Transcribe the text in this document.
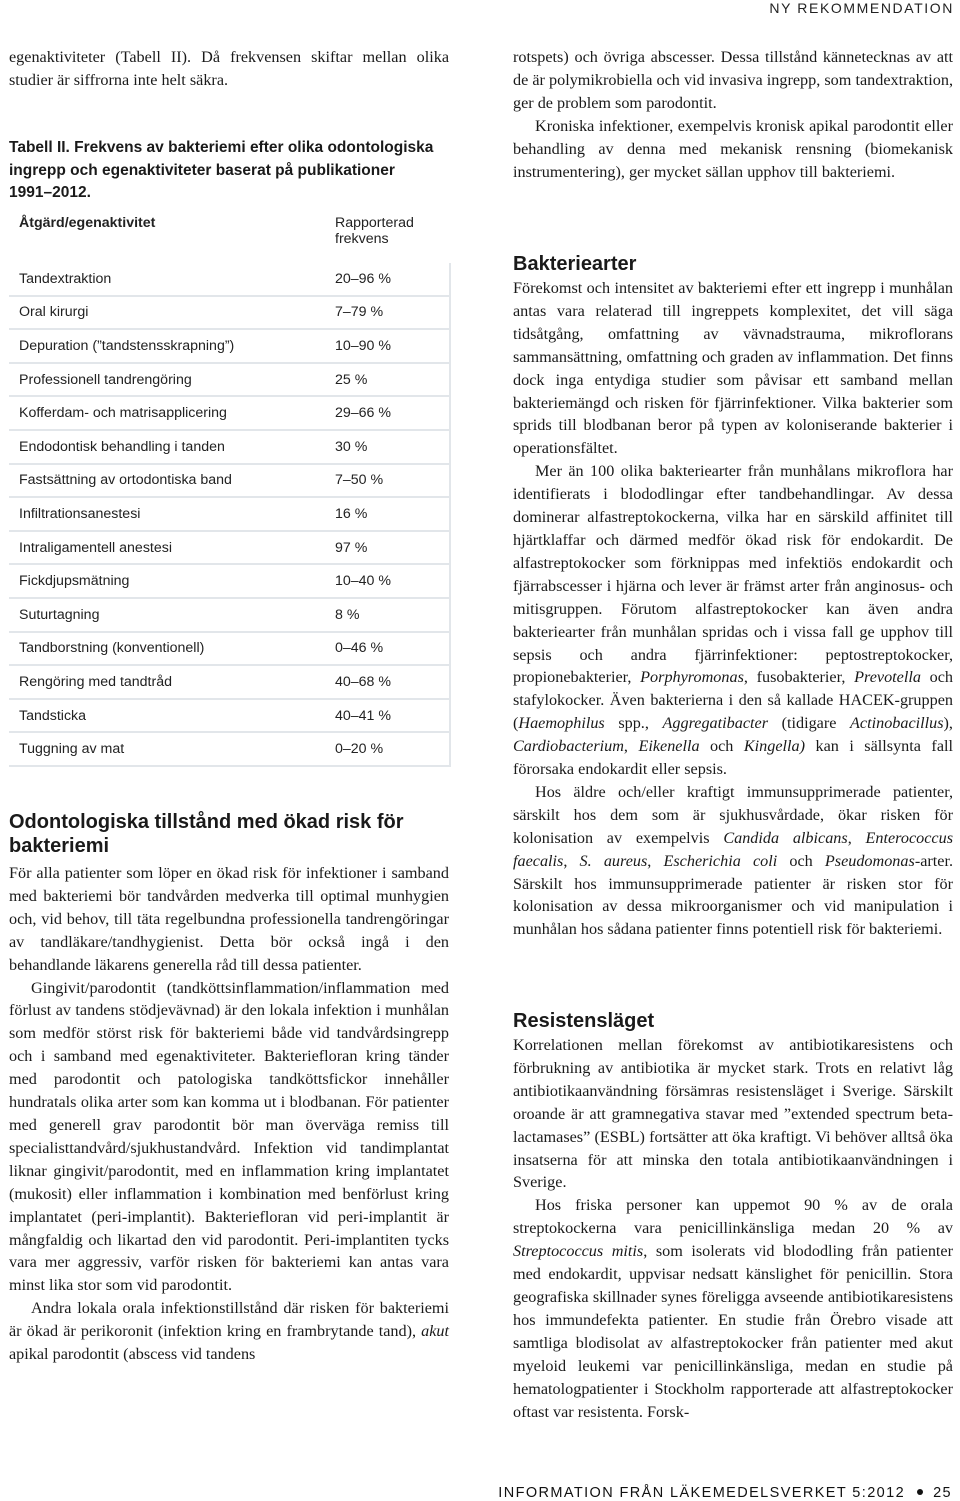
NY REKOMMENDATION

egenaktiviteter (Tabell II). Då frekvensen skiftar mellan olika studier är siffrorna inte helt säkra.

Tabell II. Frekvens av bakteriemi efter olika odontologiska ingrepp och egenaktiviteter baserat på publikationer 1991–2012.
Åtgärd/egenaktivitet	Rapporterad frekvens
Tandextraktion	20–96 %
Oral kirurgi	7–79 %
Depuration (”tandstensskrapning”)	10–90 %
Professionell tandrengöring	25 %
Kofferdam- och matrisapplicering	29–66 %
Endodontisk behandling i tanden	30 %
Fastsättning av ortodontiska band	7–50 %
Infiltrationsanestesi	16 %
Intraligamentell anestesi	97 %
Fickdjupsmätning	10–40 %
Suturtagning	8 %
Tandborstning (konventionell)	0–46 %
Rengöring med tandtråd	40–68 %
Tandsticka	40–41 %
Tuggning av mat	0–20 %
Odontologiska tillstånd med ökad risk för bakteriemi

För alla patienter som löper en ökad risk för infektioner i samband med bakteriemi bör tandvården medverka till optimal munhygien och, vid behov, till täta regelbundna professionella tandrengöringar av tandläkare/tandhygienist. Detta bör också ingå i den behandlande läkarens generella råd till dessa patienter.

Gingivit/parodontit (tandköttsinflammation/inflammation med förlust av tandens stödjevävnad) är den lokala infektion i munhålan som medför störst risk för bakteriemi både vid tandvårdsingrepp och i samband med egenaktiviteter. Bakteriefloran kring tänder med parodontit och patologiska tandköttsfickor innehåller hundratals olika arter som kan komma ut i blodbanan. För patienter med generell grav parodontit bör man överväga remiss till specialisttandvård/sjukhustandvård. Infektion vid tandimplantat liknar gingivit/parodontit, med en inflammation kring implantatet (mukosit) eller inflammation i kombination med benförlust kring implantatet (peri-implantit). Bakteriefloran vid peri-implantit är mångfaldig och likartad den vid parodontit. Peri-implantiten tycks vara mer aggressiv, varför risken för bakteriemi kan antas vara minst lika stor som vid parodontit.

Andra lokala orala infektionstillstånd där risken för bakteriemi är ökad är perikoronit (infektion kring en frambrytande tand), akut apikal parodontit (abscess vid tandens

rotspets) och övriga abscesser. Dessa tillstånd kännetecknas av att de är polymikrobiella och vid invasiva ingrepp, som tandextraktion, ger de problem som parodontit.

Kroniska infektioner, exempelvis kronisk apikal parodontit eller behandling av denna med mekanisk rensning (biomekanisk instrumentering), ger mycket sällan upphov till bakteriemi.

Bakteriearter

Förekomst och intensitet av bakteriemi efter ett ingrepp i munhålan antas vara relaterad till ingreppets komplexitet, det vill säga tidsåtgång, omfattning av vävnadstrauma, mikroflorans sammansättning, omfattning och graden av inflammation. Det finns dock inga entydiga studier som påvisar ett samband mellan bakteriemängd och risken för fjärrinfektioner. Vilka bakterier som sprids till blodbanan beror på typen av koloniserande bakterier i operationsfältet.

Mer än 100 olika bakteriearter från munhålans mikroflora har identifierats i blododlingar efter tandbehandlingar. Av dessa dominerar alfastreptokockerna, vilka har en särskild affinitet till hjärtklaffar och därmed medför ökad risk för endokardit. De alfastreptokocker som förknippas med infektiös endokardit och fjärrabscesser i hjärna och lever är främst arter från anginosus- och mitisgruppen. Förutom alfastreptokocker kan även andra bakteriearter från munhålan spridas och i vissa fall ge upphov till sepsis och andra fjärrinfektioner: peptostreptokocker, propionebakterier, Porphyromonas, fusobakterier, Prevotella och stafylokocker. Även bakterierna i den så kallade HACEK-gruppen (Haemophilus spp., Aggregatibacter (tidigare Actinobacillus), Cardiobacterium, Eikenella och Kingella) kan i sällsynta fall förorsaka endokardit eller sepsis.

Hos äldre och/eller kraftigt immunsupprimerade patienter, särskilt hos dem som är sjukhusvårdade, ökar risken för kolonisation av exempelvis Candida albicans, Enterococcus faecalis, S. aureus, Escherichia coli och Pseudomonas-arter. Särskilt hos immunsupprimerade patienter är risken stor för kolonisation av dessa mikroorganismer och vid manipulation i munhålan hos sådana patienter finns potentiell risk för bakteriemi.

Resistensläget

Korrelationen mellan förekomst av antibiotikaresistens och förbrukning av antibiotika är mycket stark. Trots en relativt låg antibiotikaanvändning försämras resistensläget i Sverige. Särskilt oroande är att gramnegativa stavar med ”extended spectrum beta-lactamases” (ESBL) fortsätter att öka kraftigt. Vi behöver alltså öka insatserna för att minska den totala antibiotikaanvändningen i Sverige.

Hos friska personer kan uppemot 90 % av de orala streptokockerna vara penicillinkänsliga medan 20 % av Streptococcus mitis, som isolerats vid blododling från patienter med endokardit, uppvisar nedsatt känslighet för penicillin. Stora geografiska skillnader synes föreligga avseende antibiotikaresistens hos immundefekta patienter. En studie från Örebro visade att samtliga blodisolat av alfastreptokocker från patienter med akut myeloid leukemi var penicillinkänsliga, medan en studie på hematologpatienter i Stockholm rapporterade att alfastreptokocker oftast var resistenta. Forsk-

INFORMATION FRÅN LÄKEMEDELSVERKET 5:2012 25
